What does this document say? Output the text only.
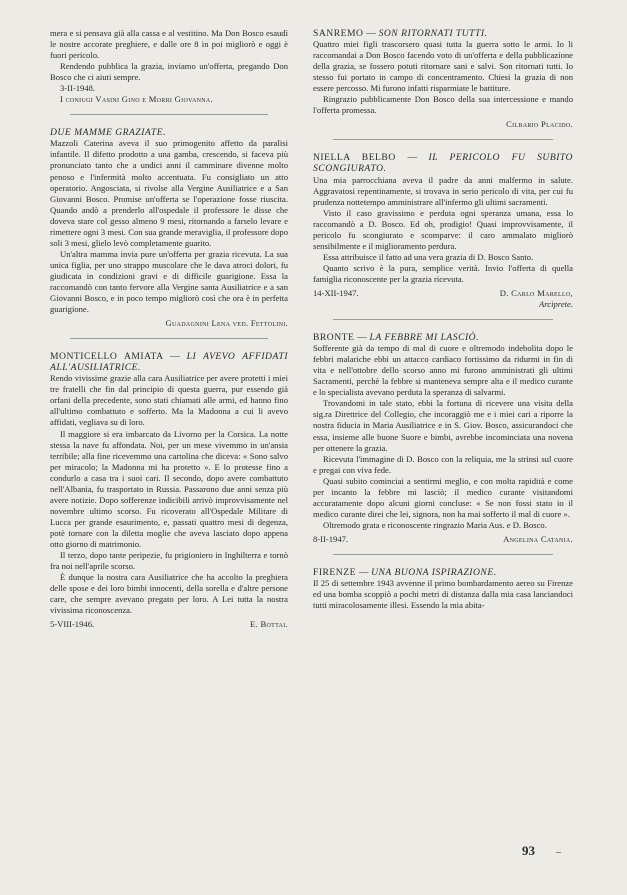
mera e si pensava già alla cassa e al vestitino. Ma Don Bosco esaudì le nostre accorate preghiere, e dalle ore 8 in poi migliorò e oggi è fuori pericolo.

Rendendo pubblica la grazia, inviamo un'offerta, pregando Don Bosco che ci aiuti sempre.

3-II-1948.

I coniugi Vasini Gino e Morri Giovanna.

DUE MAMME GRAZIATE.

Mazzoli Caterina aveva il suo primogenito affetto da paralisi infantile. Il difetto prodotto a una gamba, crescendo, si faceva più pronunciato tanto che a undici anni il camminare divenne molto penoso e l'infermità molto accentuata. Fu consigliato un atto operatorio. Angosciata, si rivolse alla Vergine Ausiliatrice e a San Giovanni Bosco. Promise un'offerta se l'operazione fosse riuscita. Quando andò a prenderlo all'ospedale il professore le disse che doveva stare col gesso almeno 9 mesi, ritornando a farselo levare e rimettere ogni 3 mesi. Con sua grande meraviglia, il professore dopo soli 3 mesi, glielo levò completamente guarito.

Un'altra mamma invia pure un'offerta per grazia ricevuta. La sua unica figlia, per uno strappo muscolare che le dava atroci dolori, fu giudicata in condizioni gravi e di difficile guarigione. Essa la raccomandò con tanto fervore alla Vergine santa Ausiliatrice e a san Giovanni Bosco, e in poco tempo migliorò così che ora è in perfetta guarigione.

Guadagnini Lena ved. Fettolini.

MONTICELLO AMIATA — LI AVEVO AFFIDATI ALL'AUSILIATRICE.

Rendo vivissime grazie alla cara Ausiliatrice per avere protetti i miei tre fratelli che fin dal principio di questa guerra, pur essendo già orfani della precedente, sono stati chiamati alle armi, ed hanno fino all'ultimo combattuto e sofferto. Ma la Madonna a cui li avevo affidati, vegliava su di loro.

Il maggiore si era imbarcato da Livorno per la Corsica. La notte stessa la nave fu affondata. Noi, per un mese vivemmo in un'ansia terribile; alla fine ricevemmo una cartolina che diceva: « Sono salvo per miracolo; la Madonna mi ha protetto ». E lo protesse fino a condurlo a casa tra i suoi cari. Il secondo, dopo avere combattuto nell'Albania, fu trasportato in Russia. Passarono due anni senza più avere notizie. Dopo sofferenze indicibili arrivò improvvisamente nel novembre ultimo scorso. Fu ricoverato all'Ospedale Militare di Lucca per grande esaurimento, e, passati quattro mesi di degenza, potè tornare con la diletta moglie che aveva lasciato dopo appena otto giorno di matrimonio.

Il terzo, dopo tante peripezie, fu prigioniero in Inghilterra e tornò fra noi nell'aprile scorso.

È dunque la nostra cara Ausiliatrice che ha accolto la preghiera delle spose e dei loro bimbi innocenti, della sorella e d'altre persone care, che sempre avevano pregato per loro. A Lei tutta la nostra vivissima riconoscenza.

5-VIII-1946.	E. Bottai.

SANREMO — SON RITORNATI TUTTI.

Quattro miei figli trascorsero quasi tutta la guerra sotto le armi. Io li raccomandai a Don Bosco facendo voto di un'offerta e della pubblicazione della grazia, se fossero potuti ritornare sani e salvi. Son ritornati tutti. Io stesso fui portato in campo di concentramento. Chiesi la grazia di non essere percosso. Mi furono infatti risparmiate le battiture.

Ringrazio pubblicamente Don Bosco della sua intercessione e mando l'offerta promessa.

Cilbario Placido.

NIELLA BELBO — IL PERICOLO FU SUBITO SCONGIURATO.

Una mia parrocchiana aveva il padre da anni malfermo in salute. Aggravatosi repentinamente, si trovava in serio pericolo di vita, per cui fu prudenza nottetempo amministrare all'infermo gli ultimi sacramenti.

Visto il caso gravissimo e perduta ogni speranza umana, essa lo raccomandò a D. Bosco. Ed oh, prodigio! Quasi improvvisamente, il pericolo fu scongiurato e scomparve: il caro ammalato migliorò sensibilmente e il miglioramento perdura.

Essa attribuisce il fatto ad una vera grazia di D. Bosco Santo.

Quanto scrivo è la pura, semplice verità. Invio l'offerta di quella famiglia riconoscente per la grazia ricevuta.

14-XII-1947.	D. Carlo Marello,

Arciprete.

BRONTE — LA FEBBRE MI LASCIÒ.

Sofferente già da tempo di mal di cuore e oltremodo indebolita dopo le febbri malariche ebbi un attacco cardiaco fortissimo da ridurmi in fin di vita e nell'ottobre dello scorso anno mi furono amministrati gli ultimi Sacramenti, perchè la febbre si manteneva sempre alta e il medico curante e lo specialista avevano perduta la speranza di salvarmi.

Trovandomi in tale stato, ebbi la fortuna di ricevere una visita della sig.ra Direttrice del Collegio, che incoraggiò me e i miei cari a riporre la nostra fiducia in Maria Ausiliatrice e in S. Giov. Bosco, assicurandoci che essa, insieme alle buone Suore e bimbi, avrebbe incominciata una novena per ottenere la grazia.

Ricevuta l'immagine di D. Bosco con la reliquia, me la strinsi sul cuore e pregai con viva fede.

Quasi subito cominciai a sentirmi meglio, e con molta rapidità e come per incanto la febbre mi lasciò; il medico curante visitandomi accuratamente dopo alcuni giorni concluse: « Se non fossi stato io il medico curante direi che lei, signora, non ha mai sofferto il mal di cuore ».

Oltremodo grata e riconoscente ringrazio Maria Aus. e D. Bosco.

8-II-1947.	Angelina Catania.

FIRENZE — UNA BUONA ISPIRAZIONE.

Il 25 di settembre 1943 avvenne il primo bombardamento aereo su Firenze ed una bomba scoppiò a pochi metri di distanza dalla mia casa lanciandoci tutti miracolosamente illesi. Essendo la mia abita-

93 –
